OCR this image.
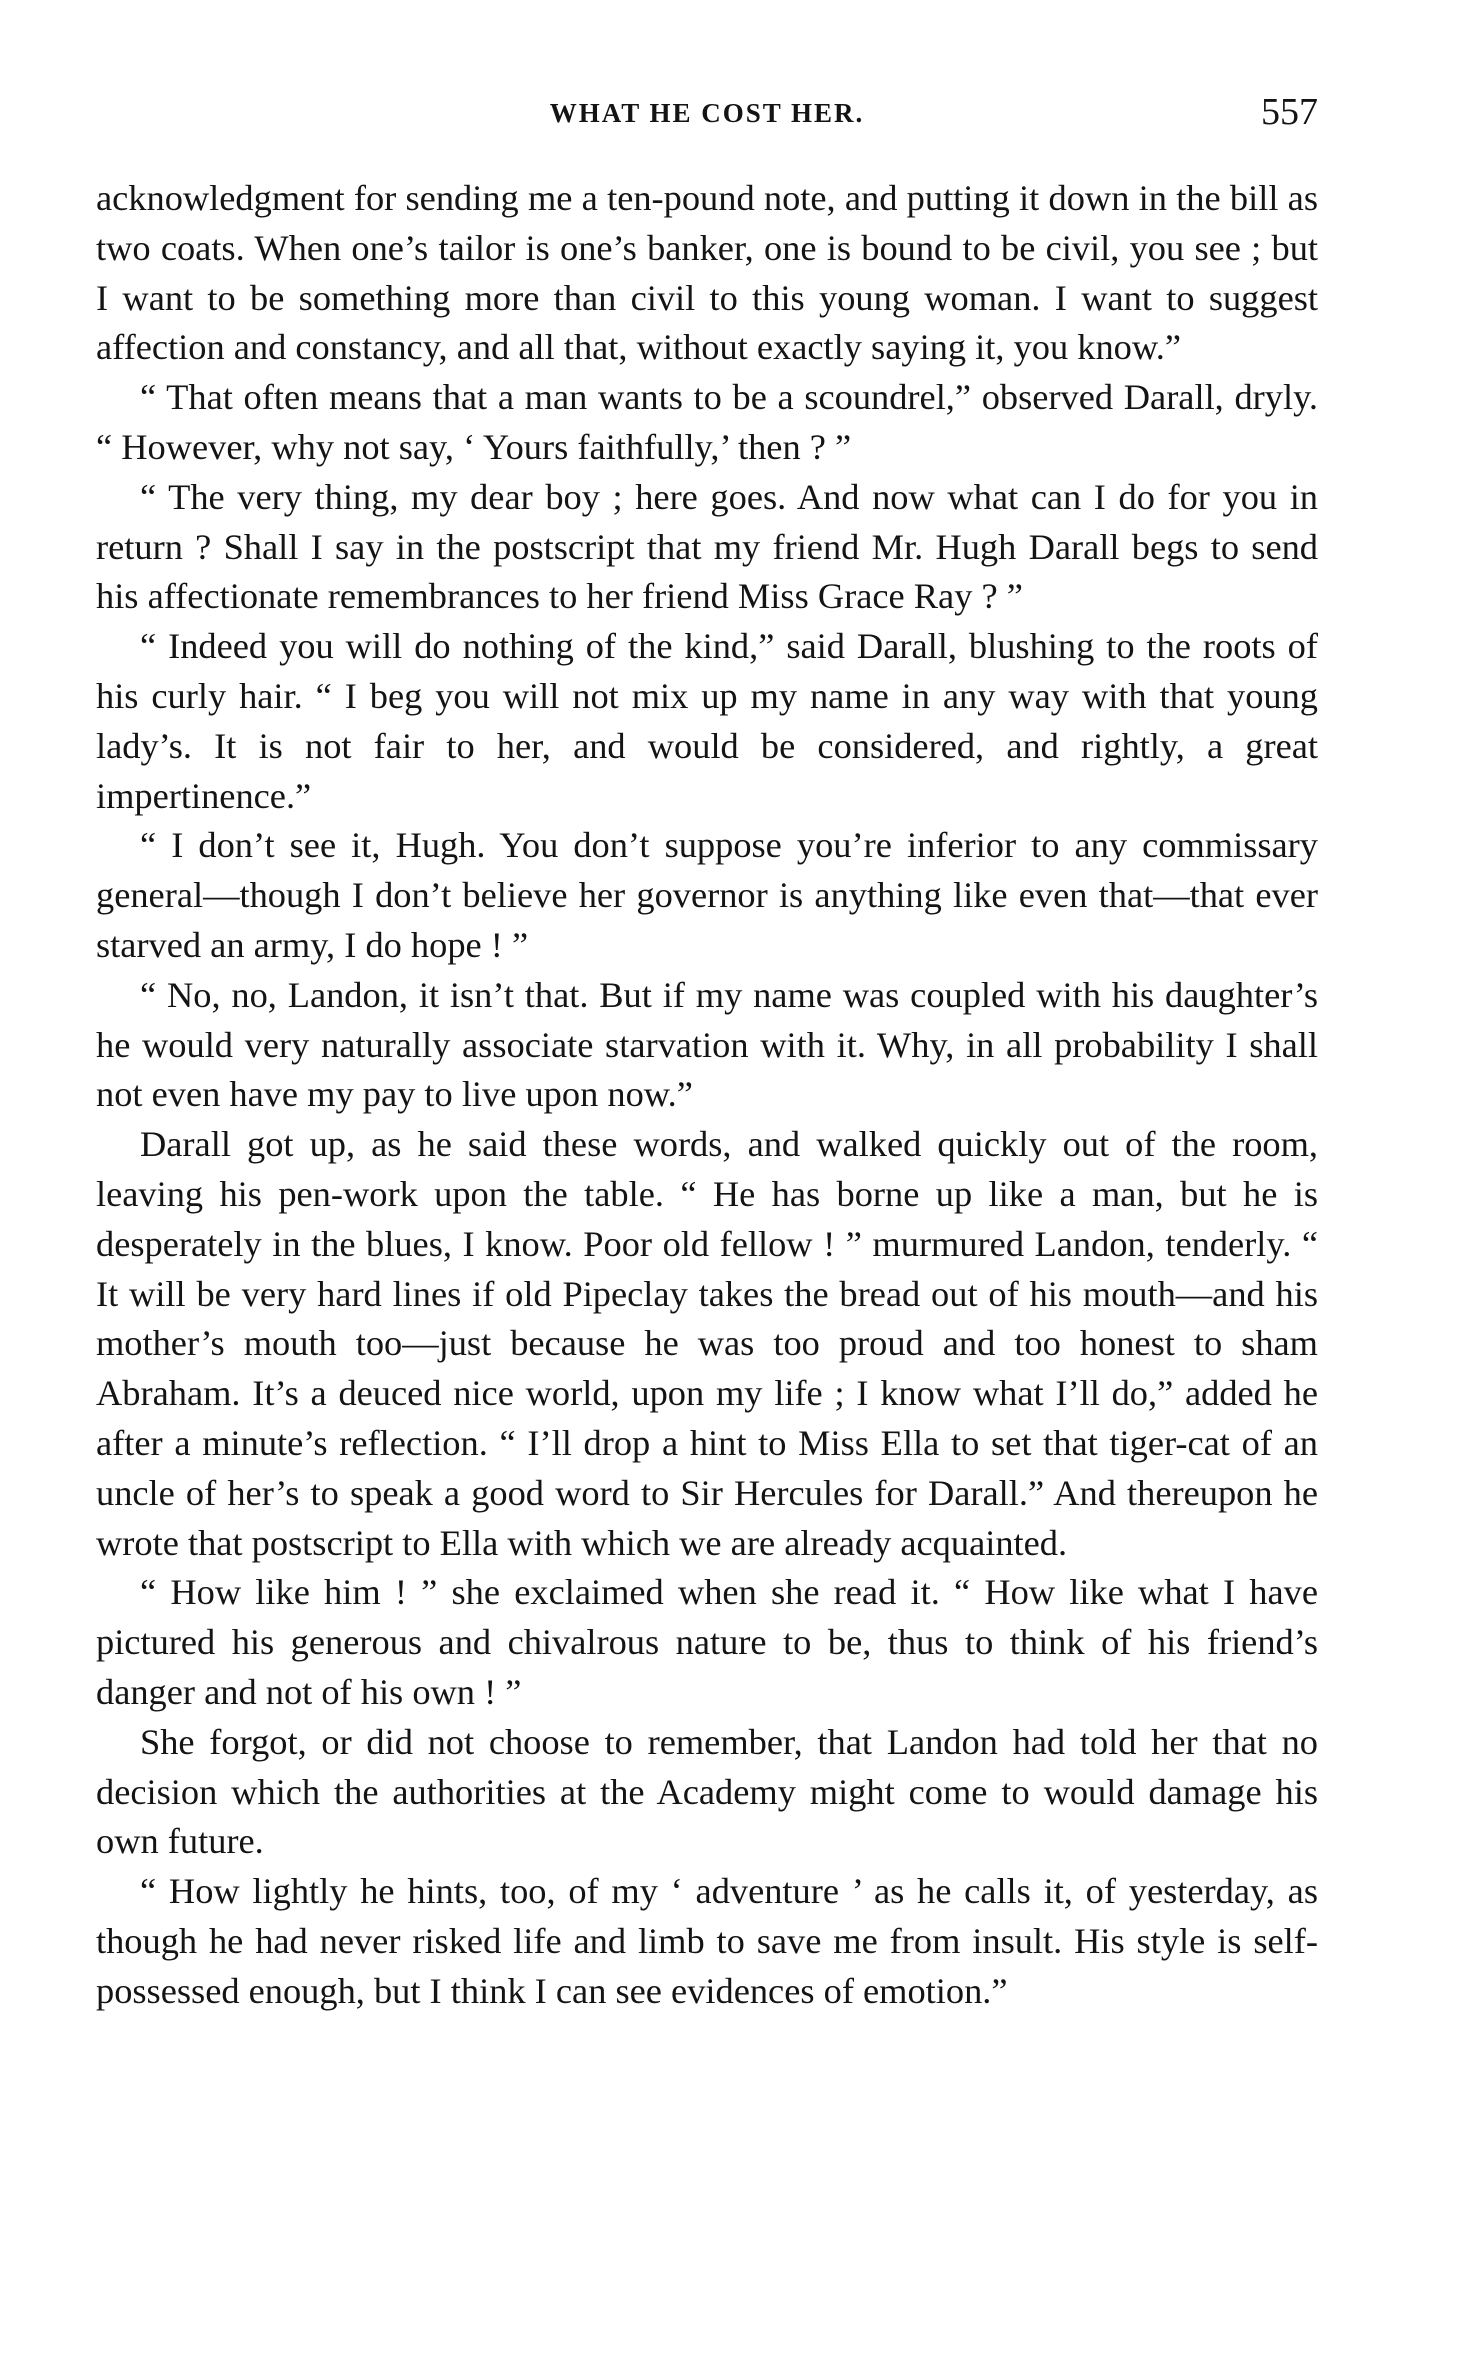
WHAT HE COST HER.	557

acknowledgment for sending me a ten-pound note, and putting it down in the bill as two coats. When one’s tailor is one’s banker, one is bound to be civil, you see ; but I want to be something more than civil to this young woman. I want to suggest affection and constancy, and all that, without exactly saying it, you know.”

“ That often means that a man wants to be a scoundrel,” observed Darall, dryly. “ However, why not say, ‘ Yours faithfully,’ then ? ”

“ The very thing, my dear boy ; here goes. And now what can I do for you in return ? Shall I say in the postscript that my friend Mr. Hugh Darall begs to send his affectionate remembrances to her friend Miss Grace Ray ? ”

“ Indeed you will do nothing of the kind,” said Darall, blushing to the roots of his curly hair. “ I beg you will not mix up my name in any way with that young lady’s. It is not fair to her, and would be considered, and rightly, a great impertinence.”

“ I don’t see it, Hugh. You don’t suppose you’re inferior to any commissary general—though I don’t believe her governor is anything like even that—that ever starved an army, I do hope ! ”

“ No, no, Landon, it isn’t that. But if my name was coupled with his daughter’s he would very naturally associate starvation with it. Why, in all probability I shall not even have my pay to live upon now.”

Darall got up, as he said these words, and walked quickly out of the room, leaving his pen-work upon the table. “ He has borne up like a man, but he is desperately in the blues, I know. Poor old fellow ! ” murmured Landon, tenderly. “ It will be very hard lines if old Pipeclay takes the bread out of his mouth—and his mother’s mouth too—just because he was too proud and too honest to sham Abraham. It’s a deuced nice world, upon my life ; I know what I’ll do,” added he after a minute’s reflection. “ I’ll drop a hint to Miss Ella to set that tiger-cat of an uncle of her’s to speak a good word to Sir Hercules for Darall.” And thereupon he wrote that postscript to Ella with which we are already acquainted.

“ How like him ! ” she exclaimed when she read it. “ How like what I have pictured his generous and chivalrous nature to be, thus to think of his friend’s danger and not of his own ! ”

She forgot, or did not choose to remember, that Landon had told her that no decision which the authorities at the Academy might come to would damage his own future.

“ How lightly he hints, too, of my ‘ adventure ’ as he calls it, of yesterday, as though he had never risked life and limb to save me from insult. His style is self-possessed enough, but I think I can see evidences of emotion.”
